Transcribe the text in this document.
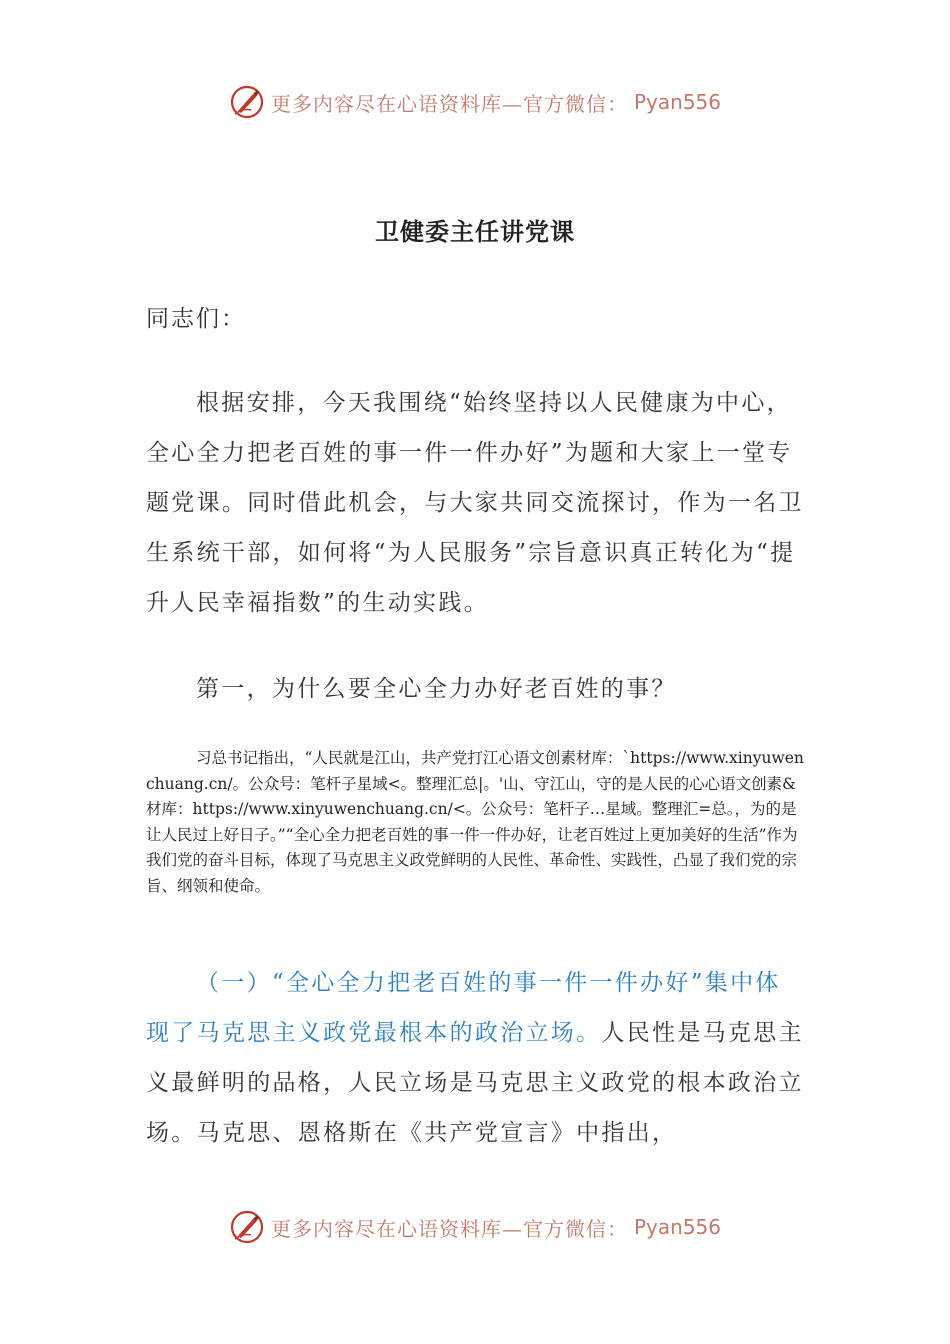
更多内容尽在心语资料库—官方微信： Pyan556
卫健委主任讲党课
同志们：

根据安排，今天我围绕“始终坚持以人民健康为中心，全心全力把老百姓的事一件一件办好”为题和大家上一堂专题党课。同时借此机会，与大家共同交流探讨，作为一名卫生系统干部，如何将“为人民服务”宗旨意识真正转化为“提升人民幸福指数”的生动实践。

第一，为什么要全心全力办好老百姓的事？

习总书记指出，“人民就是江山，共产党打江心语文创素材库：`https://www.xinyuwenchuang.cn/。公众号：笔杆子星域<。整理汇总|。'山、守江山，守的是人民的心心语文创素&材库：https://www.xinyuwenchuang.cn/<。公众号：笔杆子…星域。整理汇=总。，为的是让人民过上好日子。”“全心全力把老百姓的事一件一件办好，让老百姓过上更加美好的生活”作为我们党的奋斗目标，体现了马克思主义政党鲜明的人民性、革命性、实践性，凸显了我们党的宗旨、纲领和使命。

（一）“全心全力把老百姓的事一件一件办好”集中体现了马克思主义政党最根本的政治立场。人民性是马克思主义最鲜明的品格，人民立场是马克思主义政党的根本政治立场。马克思、恩格斯在《共产党宣言》中指出，

更多内容尽在心语资料库—官方微信： Pyan556
